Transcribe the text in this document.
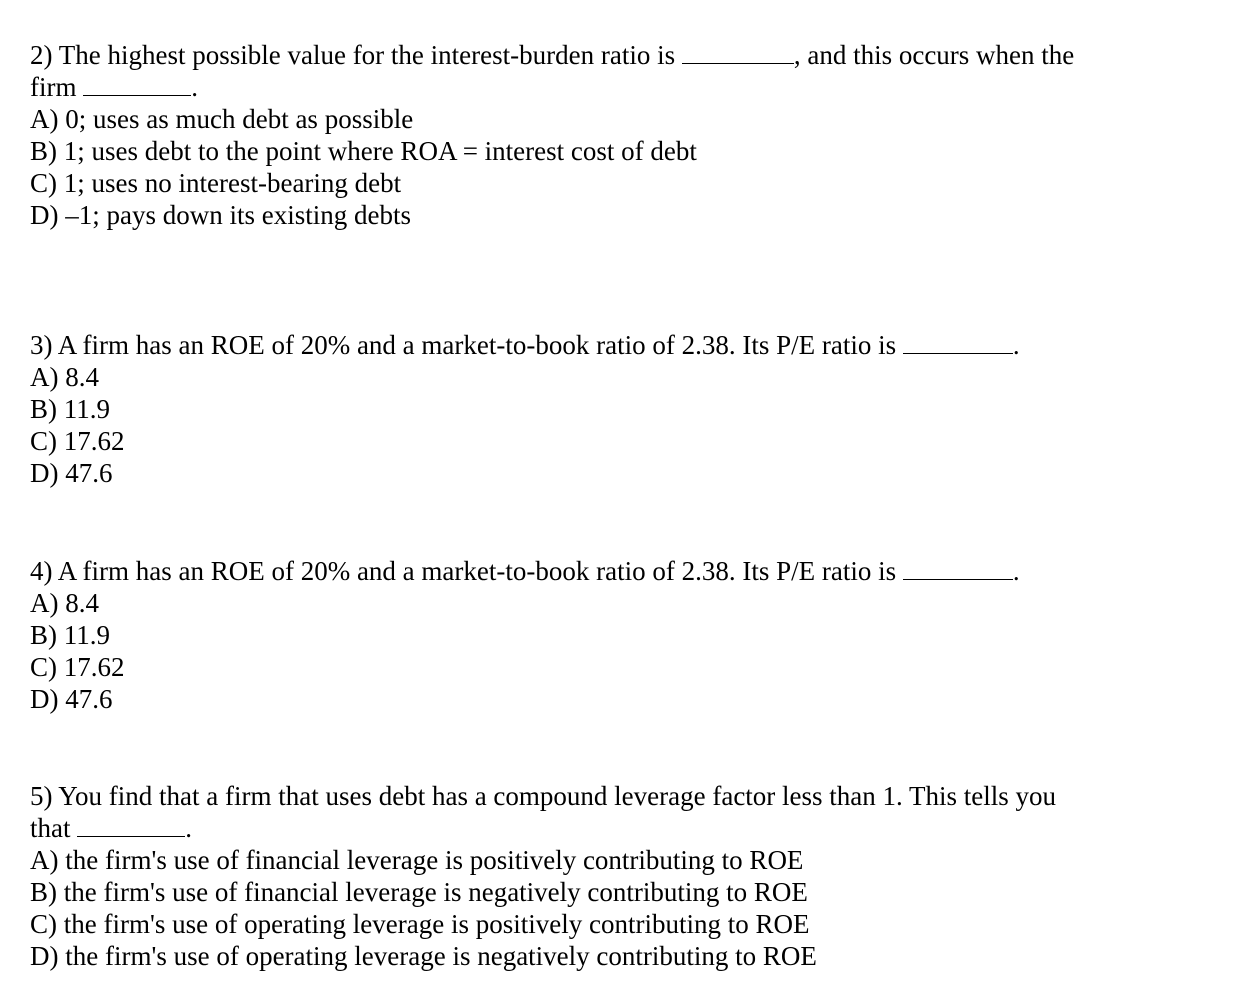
2) The highest possible value for the interest-burden ratio is	, and this occurs when the
firm	.
A) 0; uses as much debt as possible
B) 1; uses debt to the point where ROA = interest cost of debt
C) 1; uses no interest-bearing debt
D) –1; pays down its existing debts
3) A firm has an ROE of 20% and a market-to-book ratio of 2.38. Its P/E ratio is	.
A) 8.4
B) 11.9
C) 17.62
D) 47.6
4) A firm has an ROE of 20% and a market-to-book ratio of 2.38. Its P/E ratio is	.
A) 8.4
B) 11.9
C) 17.62
D) 47.6
5) You find that a firm that uses debt has a compound leverage factor less than 1. This tells you
that	.
A) the firm's use of financial leverage is positively contributing to ROE
B) the firm's use of financial leverage is negatively contributing to ROE
C) the firm's use of operating leverage is positively contributing to ROE
D) the firm's use of operating leverage is negatively contributing to ROE
